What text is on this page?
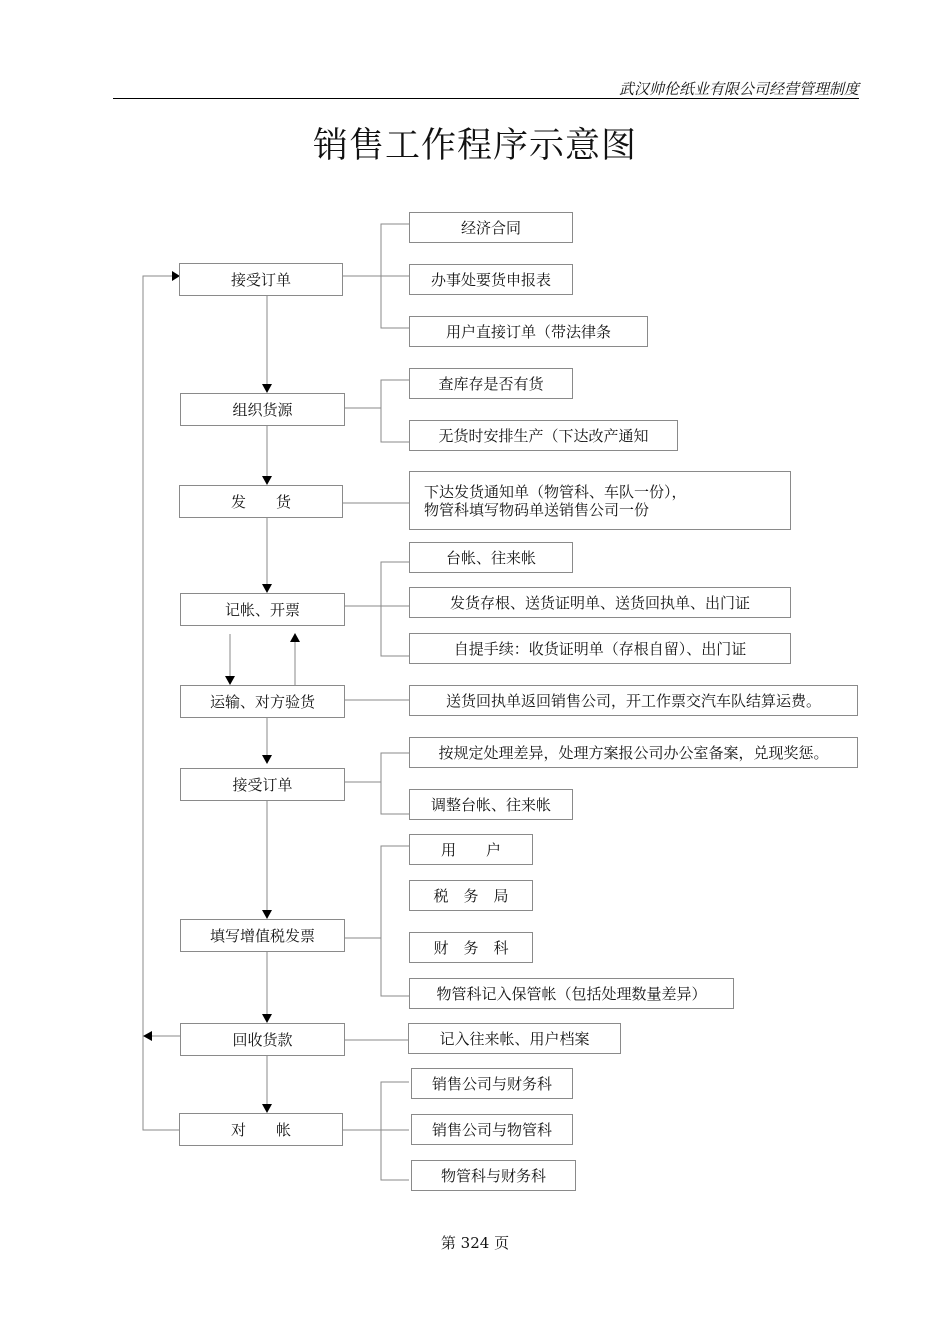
武汉帅伦纸业有限公司经营管理制度
销售工作程序示意图
接受订单
组织货源
发　　货
记帐、开票
运输、对方验货
接受订单
填写增值税发票
回收货款
对　　帐
经济合同
办事处要货申报表
用户直接订单（带法律条
查库存是否有货
无货时安排生产（下达改产通知
下达发货通知单（物管科、车队一份），
物管科填写物码单送销售公司一份
台帐、往来帐
发货存根、送货证明单、送货回执单、出门证
自提手续：收货证明单（存根自留）、出门证
送货回执单返回销售公司，开工作票交汽车队结算运费。
按规定处理差异，处理方案报公司办公室备案，兑现奖惩。
调整台帐、往来帐
用　　户
税　务　局
财　务　科
物管科记入保管帐（包括处理数量差异）
记入往来帐、用户档案
销售公司与财务科
销售公司与物管科
物管科与财务科
第 324 页
